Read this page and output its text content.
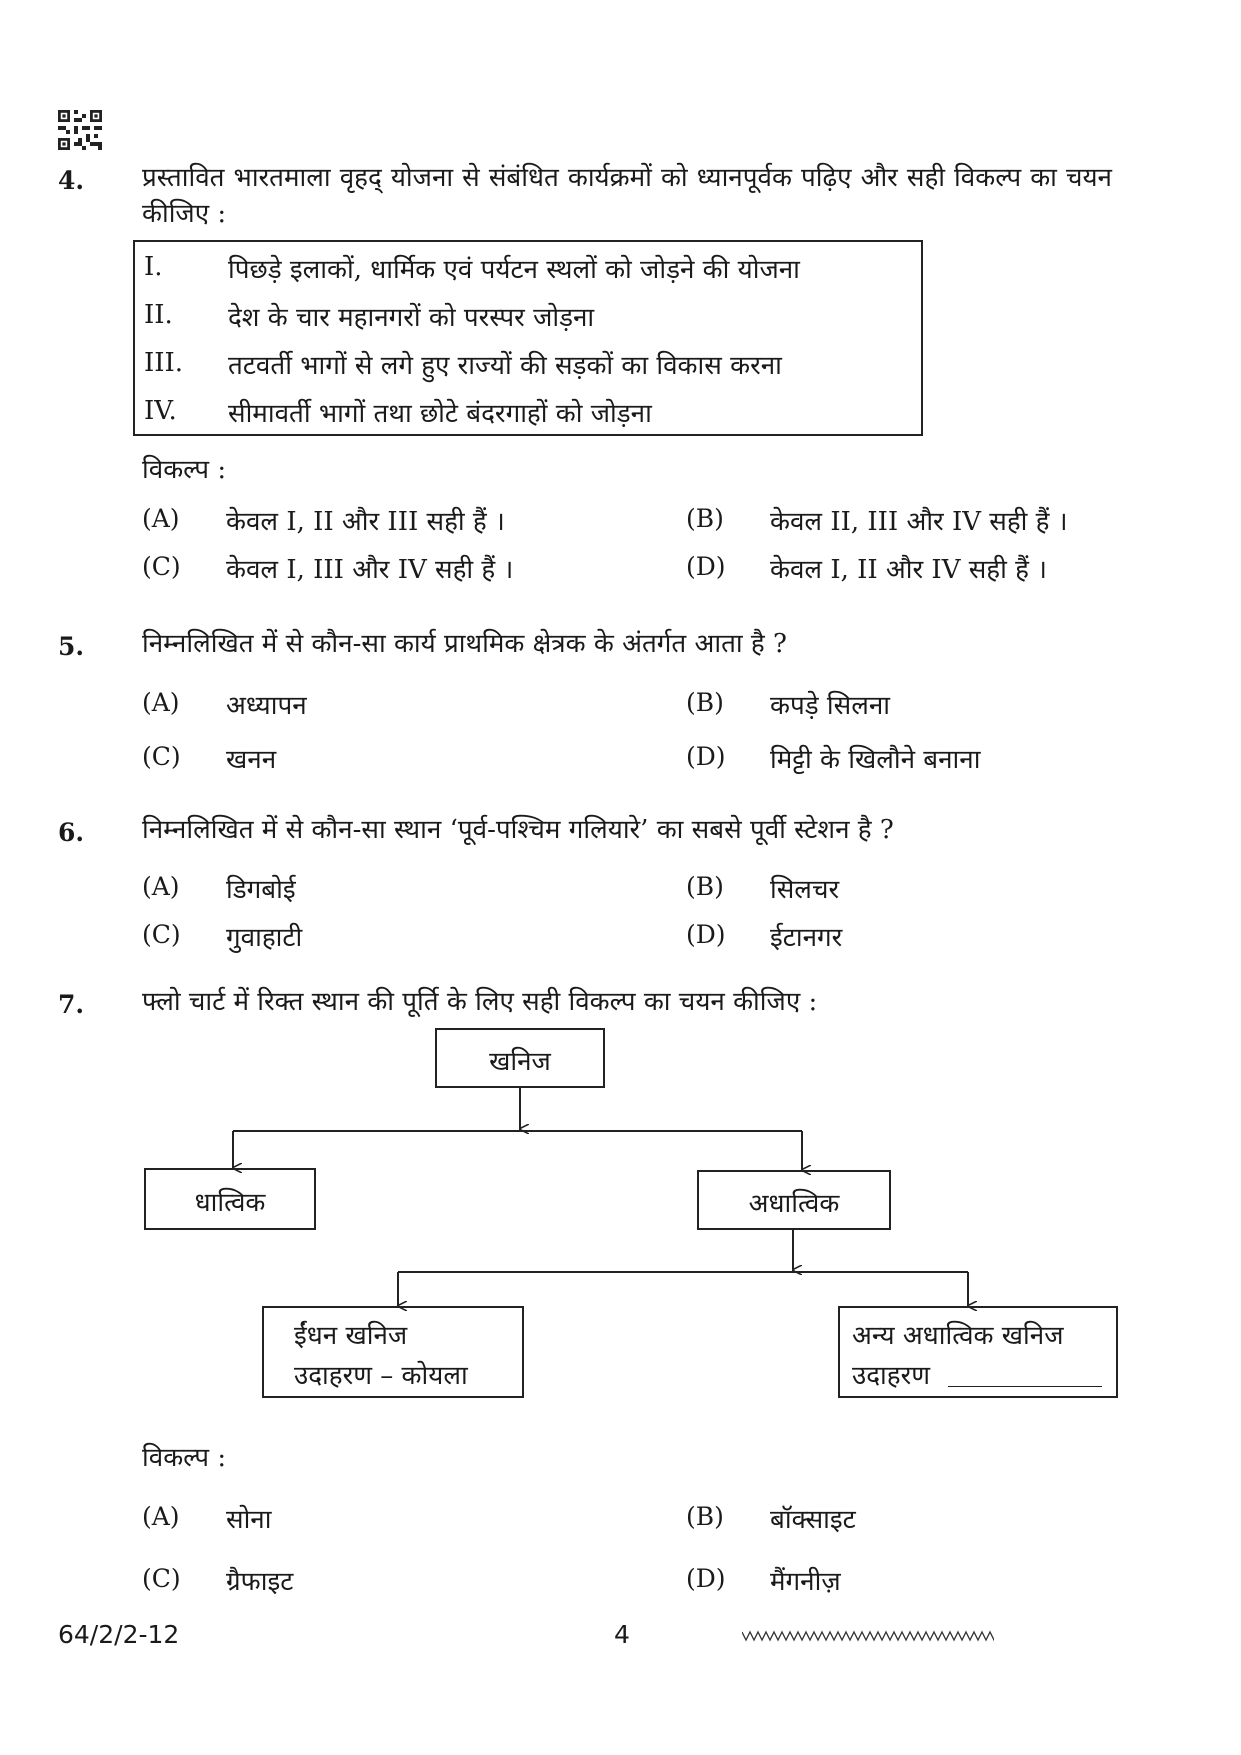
4. प्रस्तावित भारतमाला वृहद् योजना से संबंधित कार्यक्रमों को ध्यानपूर्वक पढ़िए और सही विकल्प का चयन कीजिए :
I.	पिछड़े इलाकों, धार्मिक एवं पर्यटन स्थलों को जोड़ने की योजना
II. देश के चार महानगरों को परस्पर जोड़ना
III. तटवर्ती भागों से लगे हुए राज्यों की सड़कों का विकास करना
IV. सीमावर्ती भागों तथा छोटे बंदरगाहों को जोड़ना
विकल्प :
(A) केवल I, II और III सही हैं ।	(B) केवल II, III और IV सही हैं ।
(C) केवल I, III और IV सही हैं ।	(D) केवल I, II और IV सही हैं ।
5. निम्नलिखित में से कौन-सा कार्य प्राथमिक क्षेत्रक के अंतर्गत आता है ?
(A) अध्यापन	(B) कपड़े सिलना
(C) खनन	(D) मिट्टी के खिलौने बनाना
6. निम्नलिखित में से कौन-सा स्थान ‘पूर्व-पश्चिम गलियारे’ का सबसे पूर्वी स्टेशन है ?
(A) डिगबोई	(B) सिलचर
(C) गुवाहाटी	(D) ईटानगर
7. फ्लो चार्ट में रिक्त स्थान की पूर्ति के लिए सही विकल्प का चयन कीजिए :
खनिज
धात्विक	अधात्विक
ईंधन खनिज
उदाहरण – कोयला
अन्य अधात्विक खनिज
उदाहरण
विकल्प :
(A) सोना	(B) बॉक्साइट
(C) ग्रैफाइट	(D) मैंगनीज़
64/2/2-12	4
